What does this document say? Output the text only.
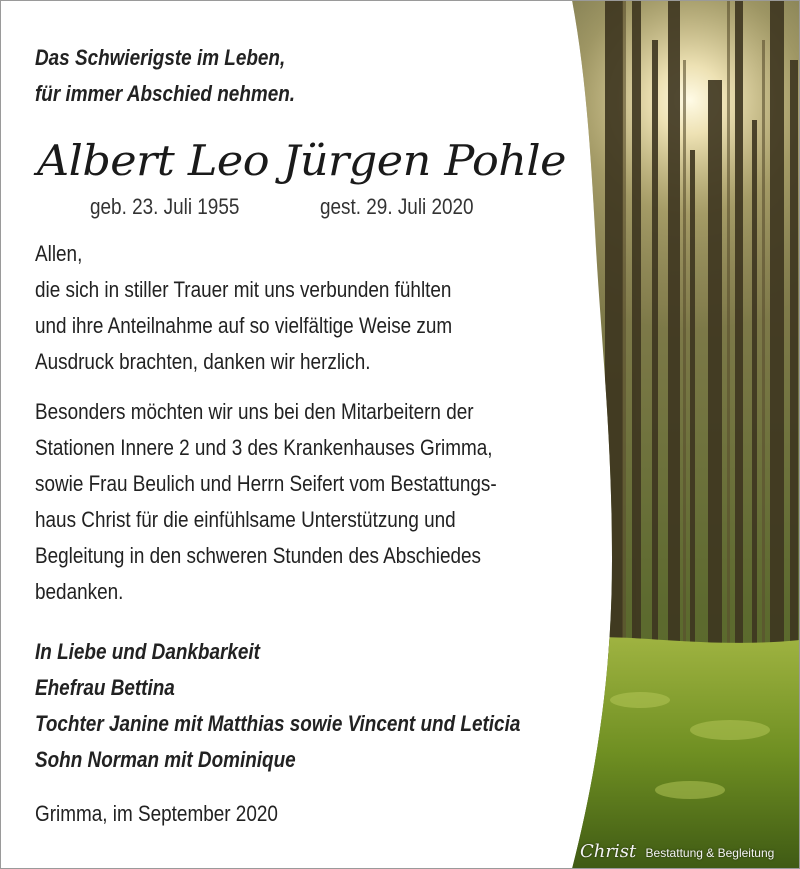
Das Schwierigste im Leben,

für immer Abschied nehmen.

Albert Leo Jürgen Pohle

geb. 23. Juli 1955	gest. 29. Juli 2020

Allen,

die sich in stiller Trauer mit uns verbunden fühlten

und ihre Anteilnahme auf so vielfältige Weise zum

Ausdruck brachten, danken wir herzlich.

Besonders möchten wir uns bei den Mitarbeitern der

Stationen Innere 2 und 3 des Krankenhauses Grimma,

sowie Frau Beulich und Herrn Seifert vom Bestattungs-

haus Christ für die einfühlsame Unterstützung und

Begleitung in den schweren Stunden des Abschiedes

bedanken.

In Liebe und Dankbarkeit

Ehefrau Bettina

Tochter Janine mit Matthias sowie Vincent und Leticia

Sohn Norman mit Dominique

Grimma, im September 2020

Christ Bestattung & Begleitung
